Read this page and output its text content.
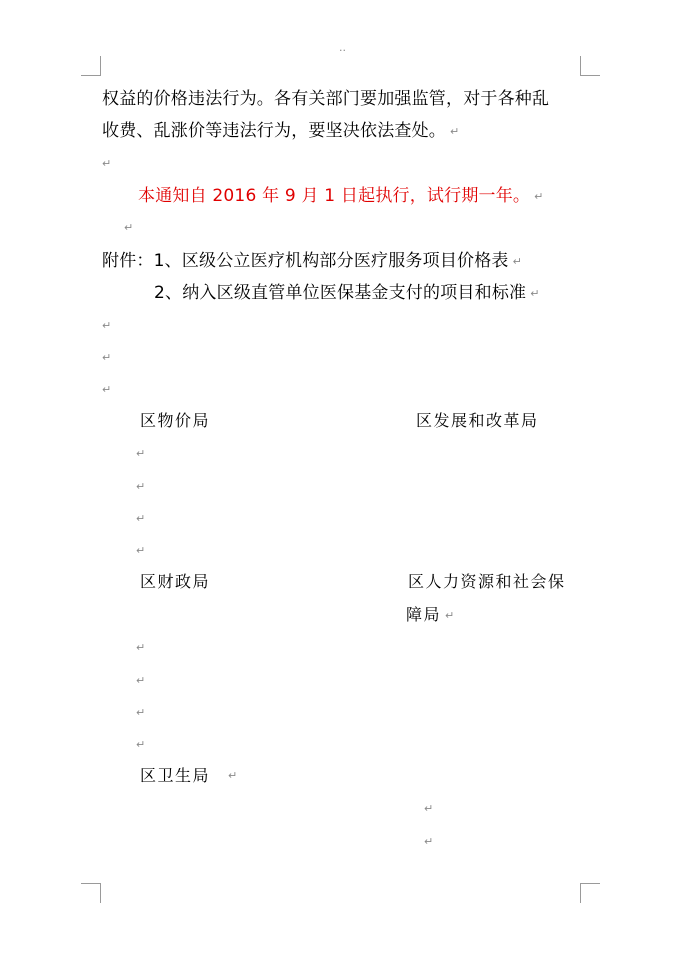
··
权益的价格违法行为。各有关部门要加强监管，对于各种乱
收费、乱涨价等违法行为，要坚决依法查处。 ↵
↵
本通知自 2016 年 9 月 1 日起执行，试行期一年。 ↵
↵
附件：1、区级公立医疗机构部分医疗服务项目价格表 ↵
2、纳入区级直管单位医保基金支付的项目和标准 ↵
↵
↵
↵
区物价局	区发展和改革局
↵
↵
↵
↵
区财政局	区人力资源和社会保
障局 ↵
↵
↵
↵
↵
区卫生局 ↵
↵
↵
